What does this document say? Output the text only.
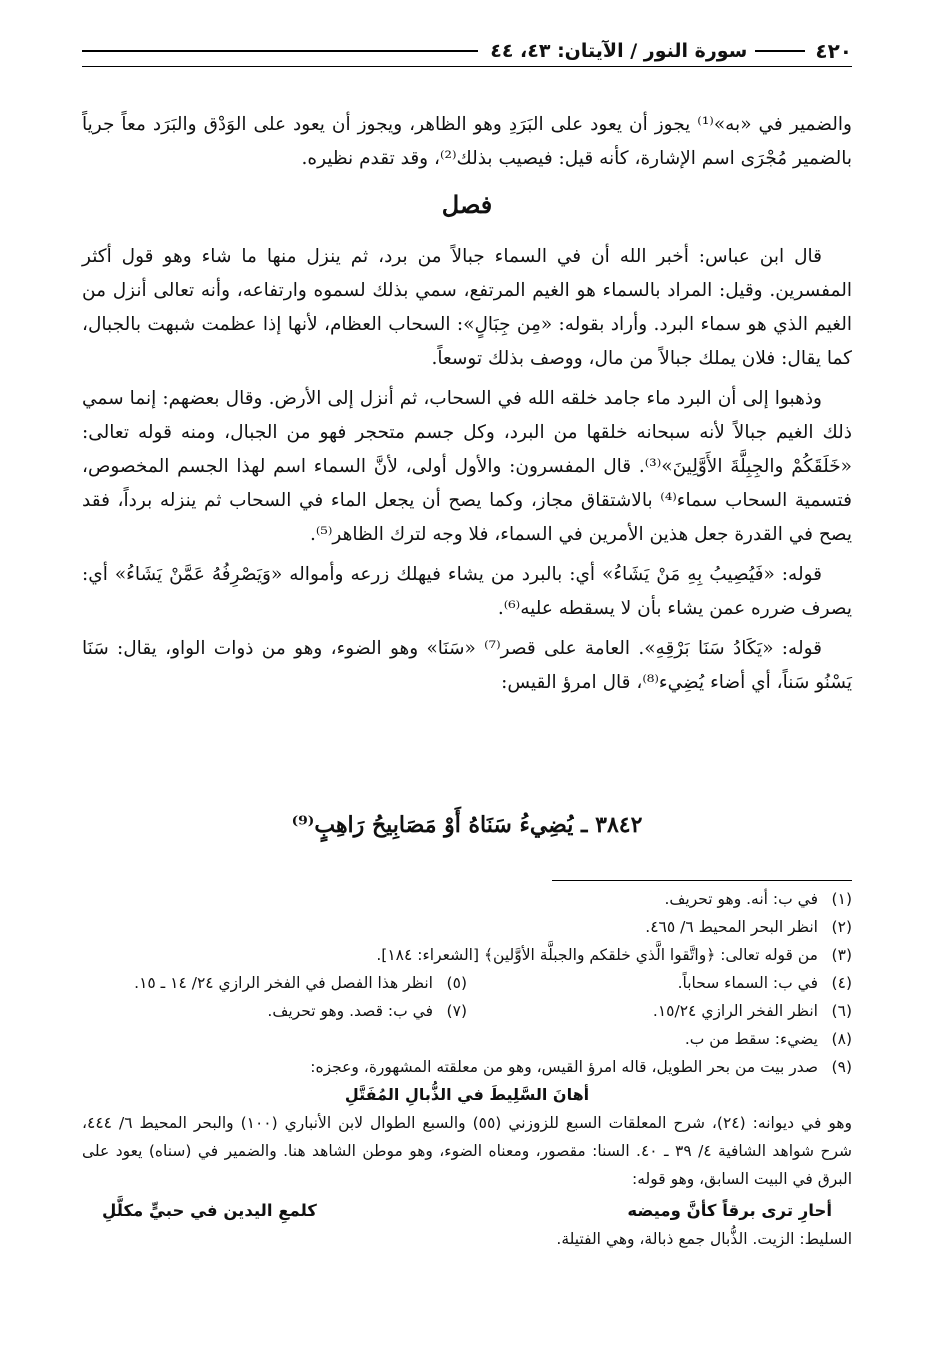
٤٢٠
سورة النور / الآيتان: ٤٣، ٤٤

والضمير في «به»⁽¹⁾ يجوز أن يعود على البَرَدِ وهو الظاهر، ويجوز أن يعود على الوَدْق والبَرَد معاً جرياً بالضمير مُجْرَى اسم الإشارة، كأنه قيل: فيصيب بذلك⁽²⁾، وقد تقدم نظيره.

فصل

قال ابن عباس: أخبر الله أن في السماء جبالاً من برد، ثم ينزل منها ما شاء وهو قول أكثر المفسرين. وقيل: المراد بالسماء هو الغيم المرتفع، سمي بذلك لسموه وارتفاعه، وأنه تعالى أنزل من الغيم الذي هو سماء البرد. وأراد بقوله: «مِن جِبَالٍ»: السحاب العظام، لأنها إذا عظمت شبهت بالجبال، كما يقال: فلان يملك جبالاً من مال، ووصف بذلك توسعاً.

وذهبوا إلى أن البرد ماء جامد خلقه الله في السحاب، ثم أنزل إلى الأرض. وقال بعضهم: إنما سمي ذلك الغيم جبالاً لأنه سبحانه خلقها من البرد، وكل جسم متحجر فهو من الجبال، ومنه قوله تعالى: «خَلَقَكُمْ والجِبِلَّةَ الأَوَّلِينَ»⁽³⁾. قال المفسرون: والأول أولى، لأنَّ السماء اسم لهذا الجسم المخصوص، فتسمية السحاب سماء⁽⁴⁾ بالاشتقاق مجاز، وكما يصح أن يجعل الماء في السحاب ثم ينزله برداً، فقد يصح في القدرة جعل هذين الأمرين في السماء، فلا وجه لترك الظاهر⁽⁵⁾.

قوله: «فَيُصِيبُ بِهِ مَنْ يَشَاءُ» أي: بالبرد من يشاء فيهلك زرعه وأمواله «وَيَصْرِفُهُ عَمَّنْ يَشَاءُ» أي: يصرف ضرره عمن يشاء بأن لا يسقطه عليه⁽⁶⁾.

قوله: «يَكَادُ سَنَا بَرْقِهِ». العامة على قصر⁽⁷⁾ «سَنَا» وهو الضوء، وهو من ذوات الواو، يقال: سَنَا يَسْنُو سَناً، أي أضاء يُضِيء⁽⁸⁾، قال امرؤ القيس:

٣٨٤٢ ـ يُضِيءُ سَنَاهُ أَوْ مَصَابِيحُ رَاهِبٍ⁽⁹⁾
(١)
في ب: أنه. وهو تحريف.
(٢)
انظر البحر المحيط ٦/ ٤٦٥.
(٣)
من قوله تعالى: ﴿واتَّقوا الَّذي خلقكم والجبلَّة الأوَّلين﴾ [الشعراء: ١٨٤].
(٤)
في ب: السماء سحاباً.
(٥)
انظر هذا الفصل في الفخر الرازي ٢٤/ ١٤ ـ ١٥.
(٦)
انظر الفخر الرازي ١٥/٢٤.
(٧)
في ب: قصد. وهو تحريف.
(٨)
يضيء: سقط من ب.
(٩)
صدر بيت من بحر الطويل، قاله امرؤ القيس، وهو من معلقته المشهورة، وعجزه:
أهانَ السَّلِيطَ في الذُّبالِ المُفَتَّلِ
وهو في ديوانه: (٢٤)، شرح المعلقات السبع للزوزني (٥٥) والسبع الطوال لابن الأنباري (١٠٠) والبحر المحيط ٦/ ٤٤٤، شرح شواهد الشافية ٤/ ٣٩ ـ ٤٠. السنا: مقصور، ومعناه الضوء، وهو موطن الشاهد هنا. والضمير في (سناه) يعود على البرق في البيت السابق، وهو قوله:
أحارِ ترى برقاً كأنَّ وميضه
كلمعِ اليدين في حبيٍّ مكلَّلِ
السليط: الزيت. الذُّبال جمع ذبالة، وهي الفتيلة.
